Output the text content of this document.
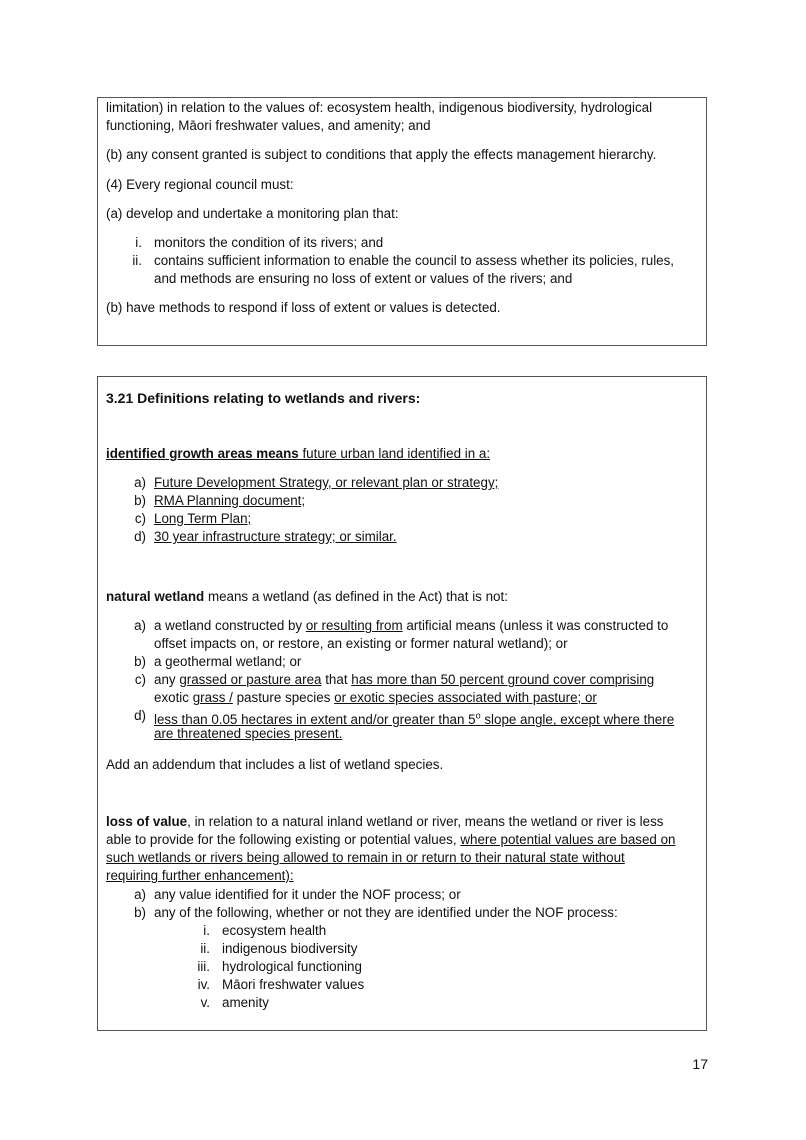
limitation) in relation to the values of: ecosystem health, indigenous biodiversity, hydrological

functioning, Māori freshwater values, and amenity; and

(b) any consent granted is subject to conditions that apply the effects management hierarchy.

(4) Every regional council must:

(a) develop and undertake a monitoring plan that:

i. monitors the condition of its rivers; and
ii. contains sufficient information to enable the council to assess whether its policies, rules,
and methods are ensuring no loss of extent or values of the rivers; and

(b) have methods to respond if loss of extent or values is detected.

3.21 Definitions relating to wetlands and rivers:

identified growth areas means future urban land identified in a:

a) Future Development Strategy, or relevant plan or strategy;
b) RMA Planning document;
c) Long Term Plan;
d) 30 year infrastructure strategy; or similar.

natural wetland means a wetland (as defined in the Act) that is not:

a) a wetland constructed by or resulting from artificial means (unless it was constructed to
offset impacts on, or restore, an existing or former natural wetland); or
b) a geothermal wetland; or
c) any grassed or pasture area that has more than 50 percent ground cover comprising
exotic grass / pasture species or exotic species associated with pasture; or
d) less than 0.05 hectares in extent and/or greater than 5$^o$ slope angle, except where there
are threatened species present.

Add an addendum that includes a list of wetland species.

loss of value, in relation to a natural inland wetland or river, means the wetland or river is less

able to provide for the following existing or potential values, where potential values are based on

such wetlands or rivers being allowed to remain in or return to their natural state without

requiring further enhancement):

a) any value identified for it under the NOF process; or
b) any of the following, whether or not they are identified under the NOF process:
i. ecosystem health
ii. indigenous biodiversity
iii. hydrological functioning
iv. Māori freshwater values
v. amenity
17
